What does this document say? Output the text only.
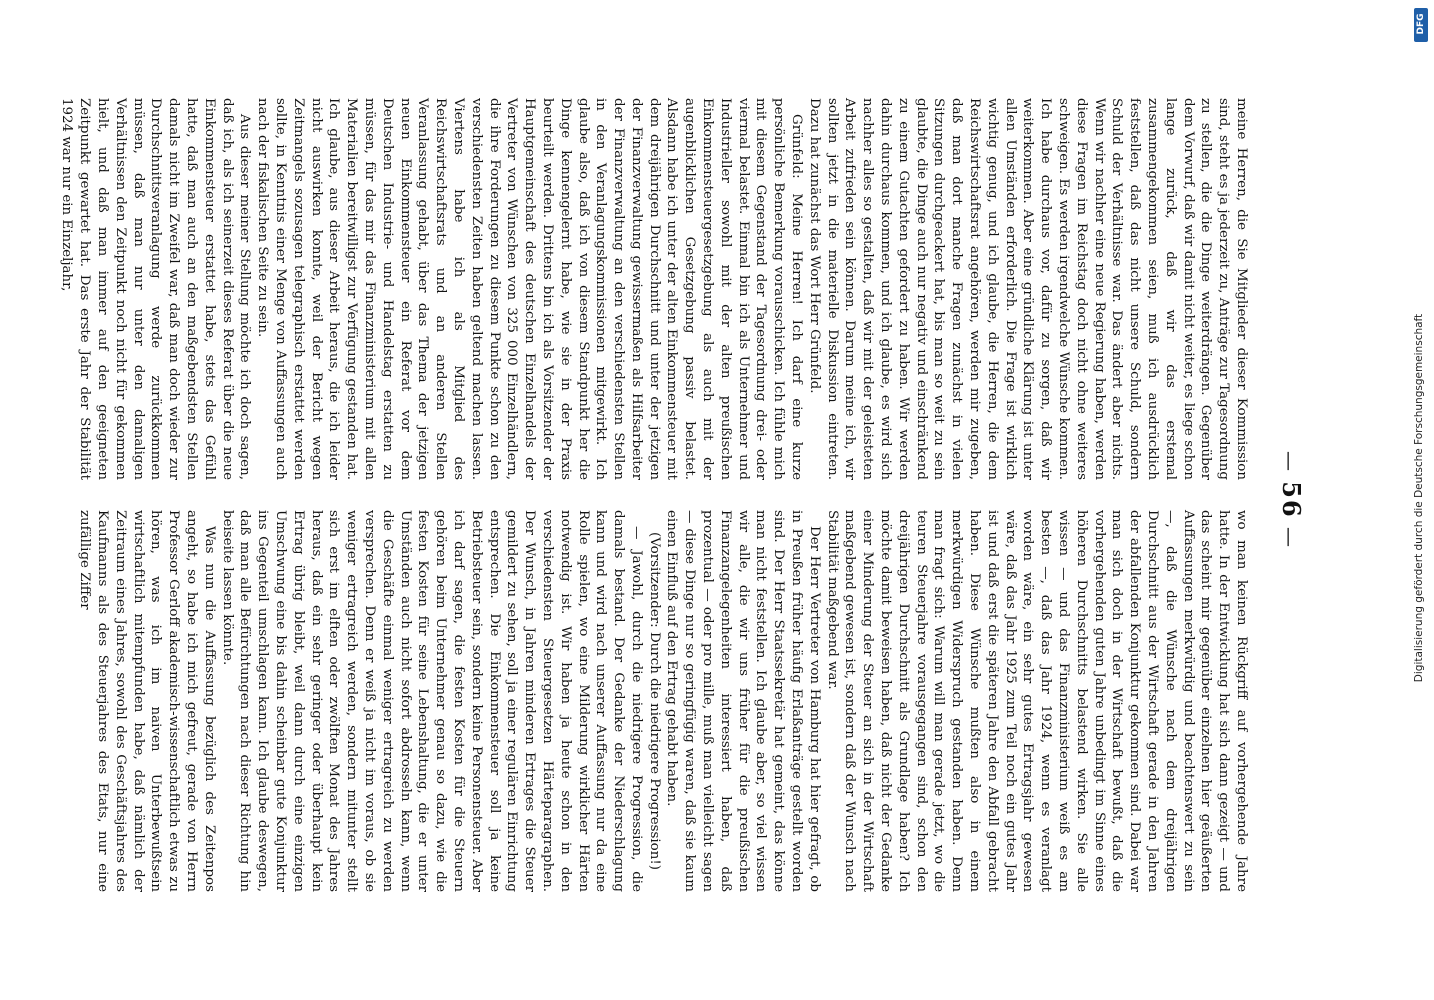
— 56 —

meine Herren, die Sie Mitglieder dieser Kommission sind, steht es ja jederzeit zu, Anträge zur Tagesordnung zu stellen, die die Dinge weiterdrängen. Gegenüber dem Vorwurf, daß wir damit nicht weiter, es liege schon lange zurück, daß wir das erstemal zusammengekommen seien, muß ich ausdrücklich feststellen, daß das nicht unsere Schuld, sondern Schuld der Verhältnisse war. Das ändert aber nichts. Wenn wir nachher eine neue Regierung haben, werden diese Fragen im Reichstag doch nicht ohne weiteres schweigen. Es werden irgendwelche Wünsche kommen. Ich habe durchaus vor, dafür zu sorgen, daß wir weiterkommen. Aber eine gründliche Klärung ist unter allen Umständen erforderlich. Die Frage ist wirklich wichtig genug, und ich glaube, die Herren, die dem Reichswirtschaftsrat angehören, werden mir zugeben, daß man dort manche Fragen zunächst in vielen Sitzungen durchgeackert hat, bis man so weit zu sein glaubte, die Dinge auch nur negativ und einschränkend zu einem Gutachten gefordert zu haben. Wir werden dahin durchaus kommen, und ich glaube, es wird sich nachher alles so gestalten, daß wir mit der geleisteten Arbeit zufrieden sein können. Darum meine ich, wir sollten jetzt in die materielle Diskussion eintreten. Dazu hat zunächst das Wort Herr Grünfeld.

Grünfeld: Meine Herren! Ich darf eine kurze persönliche Bemerkung vorausschicken. Ich fühle mich mit diesem Gegenstand der Tagesordnung drei- oder viermal belastet. Einmal bin ich als Unternehmer und Industrieller sowohl mit der alten preußischen Einkommensteuergesetzgebung als auch mit der augenblicklichen Gesetzgebung passiv belastet. Alsdann habe ich unter der alten Einkommensteuer mit dem dreijährigen Durchschnitt und unter der jetzigen der Finanzverwaltung gewissermaßen als Hilfsarbeiter der Finanzverwaltung an den verschiedensten Stellen in den Veranlagungskommissionen mitgewirkt. Ich glaube also, daß ich von diesem Standpunkt her die Dinge kennengelernt habe, wie sie in der Praxis beurteilt werden. Drittens bin ich als Vorsitzender der Hauptgemeinschaft des deutschen Einzelhandels der Vertreter von Wünschen von 325 000 Einzelhändlern, die ihre Forderungen zu diesem Punkte schon zu den verschiedensten Zeiten haben geltend machen lassen. Viertens habe ich als Mitglied des Reichswirtschaftsrats und an anderen Stellen Veranlassung gehabt, über das Thema der jetzigen neuen Einkommensteuer ein Referat vor dem Deutschen Industrie- und Handelstag erstatten zu müssen, für das mir das Finanzministerium mit allen Materialien bereitwilligst zur Verfügung gestanden hat. Ich glaube, aus dieser Arbeit heraus, die ich leider nicht auswirken konnte, weil der Bericht wegen Zeitmangels sozusagen telegraphisch erstattet werden sollte, in Kenntnis einer Menge von Auffassungen auch nach der fiskalischen Seite zu sein.

Aus dieser meiner Stellung möchte ich doch sagen, daß ich, als ich seinerzeit dieses Referat über die neue Einkommensteuer erstattet habe, stets das Gefühl hatte, daß man auch an den maßgebendsten Stellen damals nicht im Zweifel war, daß man doch wieder zur Durchschnittsveranlagung werde zurückkommen müssen, daß man nur unter den damaligen Verhältnissen den Zeitpunkt noch nicht für gekommen hielt, und daß man immer auf den geeigneten Zeitpunkt gewartet hat. Das erste Jahr der Stabilität 1924 war nur ein Einzeljahr,

wo man keinen Rückgriff auf vorhergehende Jahre hatte. In der Entwicklung hat sich dann gezeigt — und das scheint mir gegenüber einzelnen hier geäußerten Auffassungen merkwürdig und beachtenswert zu sein —, daß die Wünsche nach dem dreijährigen Durchschnitt aus der Wirtschaft gerade in den Jahren der abfallenden Konjunktur gekommen sind. Dabei war man sich doch in der Wirtschaft bewußt, daß die vorhergehenden guten Jahre unbedingt im Sinne eines höheren Durchschnitts belastend wirken. Sie alle wissen — und das Finanzministerium weiß es am besten —, daß das Jahr 1924, wenn es veranlagt worden wäre, ein sehr gutes Ertragsjahr gewesen wäre, daß das Jahr 1925 zum Teil noch ein gutes Jahr ist und daß erst die späteren Jahre den Abfall gebracht haben. Diese Wünsche mußten also in einem merkwürdigen Widerspruch gestanden haben. Denn man fragt sich: Warum will man gerade jetzt, wo die teuren Steuerjahre vorausgegangen sind, schon den dreijährigen Durchschnitt als Grundlage haben? Ich möchte damit beweisen haben, daß nicht der Gedanke einer Minderung der Steuer an sich in der Wirtschaft maßgebend gewesen ist, sondern daß der Wunsch nach Stabilität maßgebend war.

Der Herr Vertreter von Hamburg hat hier gefragt, ob in Preußen früher häufig Erlaßanträge gestellt worden sind. Der Herr Staatssekretär hat gemeint, das könne man nicht feststellen. Ich glaube aber, so viel wissen wir alle, die wir uns früher für die preußischen Finanzangelegenheiten interessiert haben, daß prozentual — oder pro mille, muß man vielleicht sagen — diese Dinge nur so geringfügig waren, daß sie kaum einen Einfluß auf den Ertrag gehabt haben.

(Vorsitzender: Durch die niedrigere Progression!)

— Jawohl, durch die niedrigere Progression, die damals bestand. Der Gedanke der Niederschlagung kann und wird nach unserer Auffassung nur da eine Rolle spielen, wo eine Milderung wirklicher Härten notwendig ist. Wir haben ja heute schon in den verschiedensten Steuergesetzen Härteparagraphen. Der Wunsch, in Jahren minderen Ertrages die Steuer gemildert zu sehen, soll ja einer regulären Einrichtung entsprechen. Die Einkommensteuer soll ja keine Betriebsteuer sein, sondern keine Personensteuer. Aber ich darf sagen, die festen Kosten für die Steuern gehören beim Unternehmer genau so dazu, wie die festen Kosten für seine Lebenshaltung, die er unter Umständen auch nicht sofort abdrosseln kann, wenn die Geschäfte einmal weniger ertragreich zu werden versprechen. Denn er weiß ja nicht im voraus, ob sie weniger ertragreich werden, sondern mitunter stellt sich erst im elften oder zwölften Monat des Jahres heraus, daß ein sehr geringer oder überhaupt kein Ertrag übrig bleibt, weil dann durch eine einzigen Umschwung eine bis dahin scheinbar gute Konjunktur ins Gegenteil umschlagen kann. Ich glaube deswegen, daß man alle Befürchtungen nach dieser Richtung hin beiseite lassen könnte.

Was nun die Auffassung bezüglich des Zeitenpos angeht, so habe ich mich gefreut, gerade von Herrn Professor Gerloff akademisch-wissenschaftlich etwas zu hören, was ich im naiven Unterbewußtsein wirtschaftlich mitempfunden habe, daß nämlich der Zeitraum eines Jahres, sowohl des Geschäftsjahres des Kaufmanns als des Steuerjahres des Etats, nur eine zufällige Ziffer	Digitalisierung gefördert durch die Deutsche Forschungsgemeinschaft
DFG
